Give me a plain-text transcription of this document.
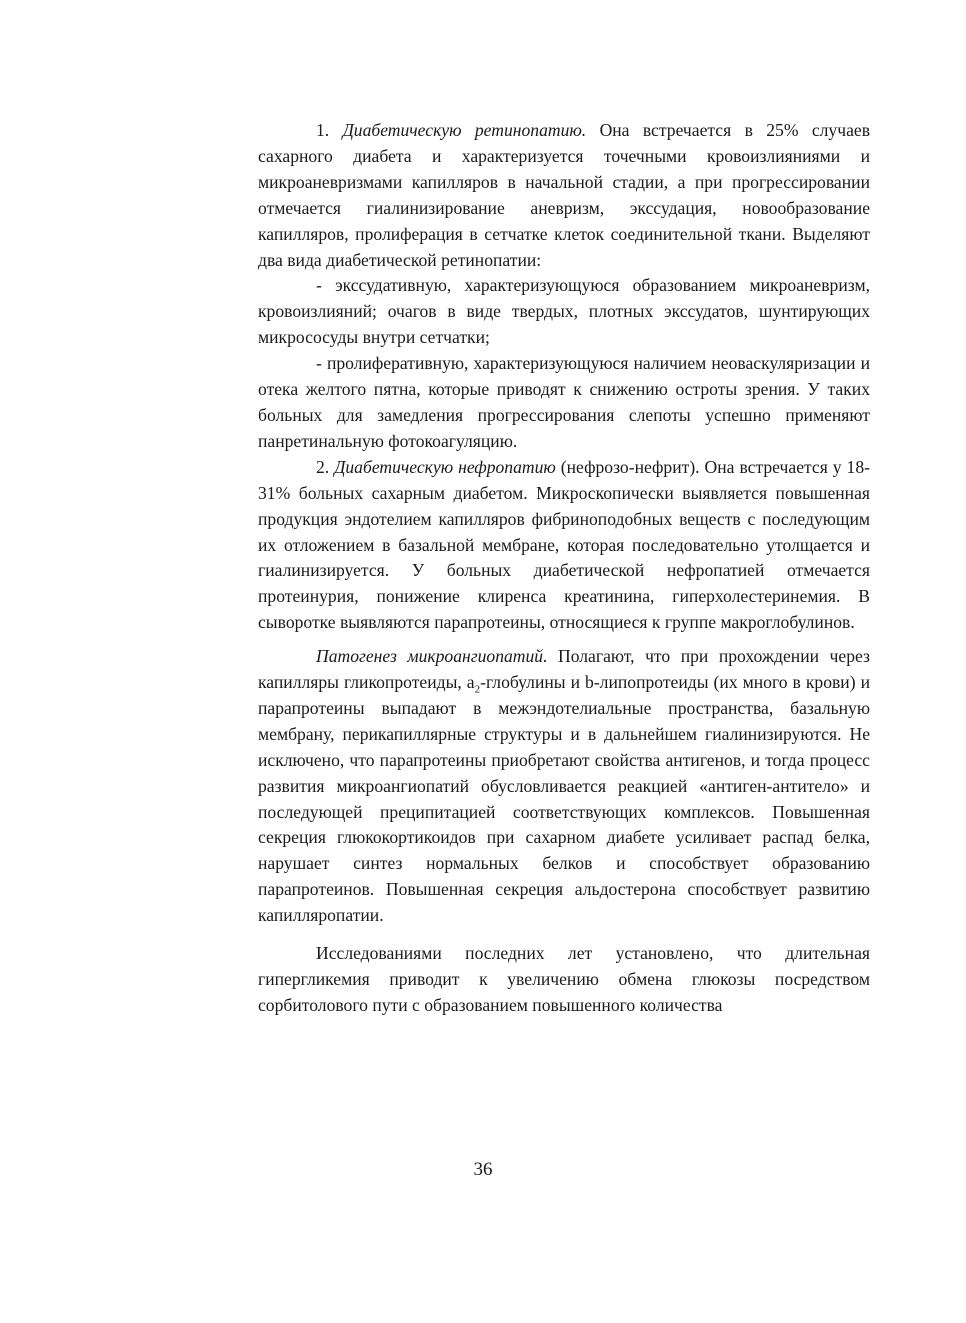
1. Диабетическую ретинопатию. Она встречается в 25% случаев сахарного диабета и характеризуется точечными кровоизлияниями и микроаневризмами капилляров в начальной стадии, а при прогрессировании отмечается гиалинизирование аневризм, экссудация, новообразование капилляров, пролиферация в сетчатке клеток соединительной ткани. Выделяют два вида диабетической ретинопатии:

- экссудативную, характеризующуюся образованием микроаневризм, кровоизлияний; очагов в виде твердых, плотных экссудатов, шунтирующих микрососуды внутри сетчатки;

- пролиферативную, характеризующуюся наличием неоваскуляризации и отека желтого пятна, которые приводят к снижению остроты зрения. У таких больных для замедления прогрессирования слепоты успешно применяют панретинальную фотокоагуляцию.

2. Диабетическую нефропатию (нефрозо-нефрит). Она встречается у 18-31% больных сахарным диабетом. Микроскопически выявляется повышенная продукция эндотелием капилляров фибриноподобных веществ с последующим их отложением в базальной мембране, которая последовательно утолщается и гиалинизируется. У больных диабетической нефропатией отмечается протеинурия, понижение клиренса креатинина, гиперхолестеринемия. В сыворотке выявляются парапротеины, относящиеся к группе макроглобулинов.

Патогенез микроангиопатий. Полагают, что при прохождении через капилляры гликопротеиды, $a_2$-глобулины и b-липопротеиды (их много в крови) и парапротеины выпадают в межэндотелиальные пространства, базальную мембрану, перикапиллярные структуры и в дальнейшем гиалинизируются. Не исключено, что парапротеины приобретают свойства антигенов, и тогда процесс развития микроангиопатий обусловливается реакцией «антиген-антитело» и последующей преципитацией соответствующих комплексов. Повышенная секреция глюкокортикоидов при сахарном диабете усиливает распад белка, нарушает синтез нормальных белков и способствует образованию парапротеинов. Повышенная секреция альдостерона способствует развитию капилляропатии.

Исследованиями последних лет установлено, что длительная гипергликемия приводит к увеличению обмена глюкозы посредством сорбитолового пути с образованием повышенного количества

36
